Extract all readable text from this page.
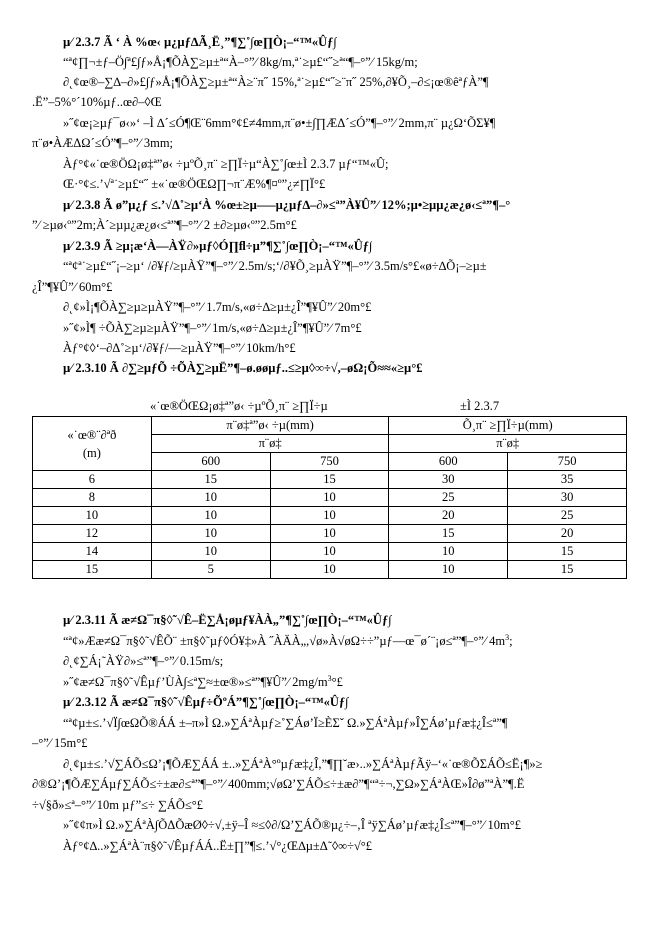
µ⁄ 2.3.7 Ã ‘ À %œ‹ µ¿µƒ∆Ã¸Ë¸”¶∑˚∫œ∏Ò¡–“™«Ûƒ∫
“ª¢∏¬±ƒ–Ö∫ª£∫ƒ»Å¡¶ÕÀ∑≥µ±ª“À–°”⁄ 8kg/m,ª˙≥µ£“˝≥ª“¶–°”⁄ 15kg/m;
∂˛¢œ®–∑∆–∂»£∫ƒ»Å¡¶ÕÀ∑≥µ±ª“À≥¨π˝ 15%,ª˙≥µ£“˝≥¨π˝ 25%,∂¥Õ¸–∂≤¡œ®êªƒÀ”¶
.Ë”–5%°´10%µƒ..œ∂–◊Œ
»˝¢œ¡≥µƒ¯ø‹»‘ –Ì ∆´≤Ó¶Œ¨6mm°¢£≠4mm,π¨ø•±∫∏ÆΔ´≤Ó”¶–°”⁄ 2mm,π¨ µ¿Ω‘ÕΣ¥¶
π¨ø•ÀÆΔΩ´≤Ó”¶–°”⁄ 3mm;
Àƒ°¢«˙œ®ÖΩ¡ø‡ª”ø‹ ÷µºÕ¸π¨ ≥∏Ï÷µ“À∑˚∫œ±Ì 2.3.7 µƒ“™«Û;
Œ·°¢≤.’√ª˙≥µ£“˝ ±«˙œ®ÖŒΩ∏¬π¨Æ%¶¤º”¿≠∏Ï°£
µ⁄ 2.3.8 Ã ø”µ¿ƒ ≤.’√Δ˚≥µ‘À %œ±≥µ–—µ¿µƒ∆–∂»≤ª”À¥Û”⁄ 12%;µ•≥µµ¿æ¿ø‹≤ª”¶–°
”⁄ ≥µø‹º”2m;À´≥µµ¿æ¿ø‹≤ª”¶–°”⁄ 2 ±∂≥µø‹º”2.5m°£
µ⁄ 2.3.9 Ã ≥µ¡æ‘À––ÀŸ∂»µƒ◊Ó∏ﬂ÷µ”¶∑˚∫œ∏Ò¡–“™«Ûƒ∫
“ª¢ª˙≥µ£“˝¡–≥µ‘ /∂¥ƒ/≥µÀŸ”¶–°”⁄ 2.5m/s;‘/∂¥Õ¸≥µÀŸ”¶–°”⁄ 3.5m/s°£«ø÷∆Õ¡–≥µ±
¿Î”¶¥Û”⁄ 60m°£
∂˛¢»Ì¡¶ÕÀ∑≥µ≥µÀŸ”¶–°”⁄ 1.7m/s,«ø÷∆≥µ±¿Î”¶¥Û”⁄ 20m°£
»˝¢»Ì¶ ÷ÕÀ∑≥µ≥µÀŸ”¶–°”⁄ 1m/s,«ø÷∆≥µ±¿Î”¶¥Û”⁄ 7m°£
Àƒ°¢◊‘–∂Δ˚≥µ‘/∂¥ƒ/––≥µÀŸ”¶–°”⁄ 10km/h°£
µ⁄ 2.3.10 Ã ∂∑≥µƒÕ ÷ÕÀ∑≥µË”¶–ø.øøµƒ..≤≥µ◊∞÷√,–øΩ¡Õ≈≈«≥µ°£
«˙œ®ÖŒΩ¡ø‡ª”ø‹ ÷µºÕ¸π¨ ≥∏Ï÷µ	±Ì 2.3.7
«˙œ®¨∂ªð
(m)	π¨ø‡ª”ø‹ ÷µ(mm)		Õ¸π¨ ≥∏Ï÷µ(mm)	
	π¨ø‡		π¨ø‡	
	600	750	600	750
6	15	15	30	35
8	10	10	25	30
10	10	10	20	25
12	10	10	15	20
14	10	10	10	15
15	5	10	10	15
µ⁄ 2.3.11 Ã æ≠Ω¯π§◊˜√Ê–Ë∑Å¡øµƒ¥ÀÀ„”¶∑˚∫œ∏Ò¡–“™«Ûƒ∫
“ª¢»Ææ≠Ω¯π§◊˜√ÊÕ¨ ±π§◊˜µƒ◊Ó¥‡»À ˝ÀÄÀ„,√ø»À√øΩ÷÷”µƒ––œ¯ø´¨¡ø≤ª”¶–°”⁄ $4m^3$;
∂˛¢∑Á¡˜ÀŸ∂»≤ª”¶–°”⁄ 0.15m/s;
»˝¢æ≠Ω¯π§◊˜√Êµƒ’ÙÀ∫≤ª∑≈±œ®»≤ª”¶¥Û”⁄ $2mg/m^3^\circ£$
µ⁄ 2.3.12 Ã æ≠Ω¯π§◊˜√Êµƒ÷ÕºÁ”¶∑˚∫œ∏Ò¡–“™«Ûƒ∫
“ª¢µ±≤.’√Ï∫œΩÕ®ÁÁ ±–π»Ì Ω.»∑ÁªÀµƒ≥˚∑Áø’Ï≥ÈΣˇ Ω.»∑ÁªÀµƒ»Î∑Áø’µƒæ‡¿Î≤ª”¶
–°”⁄ 15m°£
∂˛¢µ±≤.’√∑ÁÕ≤Ω’¡¶ÕÆ∑ÁÁ ±..»∑ÁªÀ°ºµƒæ‡¿Î,”¶∏˘æ›..»∑ÁªÀµƒÃÿ–‘«˙œ®ÕΣÁÕ≤Ë¡¶»≥
∂®Ω’¡¶ÕÆ∑Áµƒ∑ÁÕ≤÷±æ∂≤ª”¶–°”⁄ 400mm;√øΩ’∑ÁÕ≤÷±æ∂”¶“ª÷¬,∑Ω»∑ÁªÀŒ»Î∂ø”ªÀ”¶.Ë
÷√§ð»≤ª–°”⁄ 10m µƒ”≤÷ ∑ÁÕ≤°£
»˝¢¢π»Ì Ω.»∑ÁªÀ∫ÕΔÕæØ◊÷√,±ÿ–Î ≈≤◊∂/Ω’∑ÁÕ®µ¿÷–‚Î ªÿ∑Áø’µƒæ‡¿Î≤ª”¶–°”⁄ 10m°£
Àƒ°¢∆..»∑ÁªÀ¨π§◊˜√ÊµƒÁÁ..Ë±∏”¶≤.’√°¿Œ∆µ±Δ˜◊∞÷√°£
